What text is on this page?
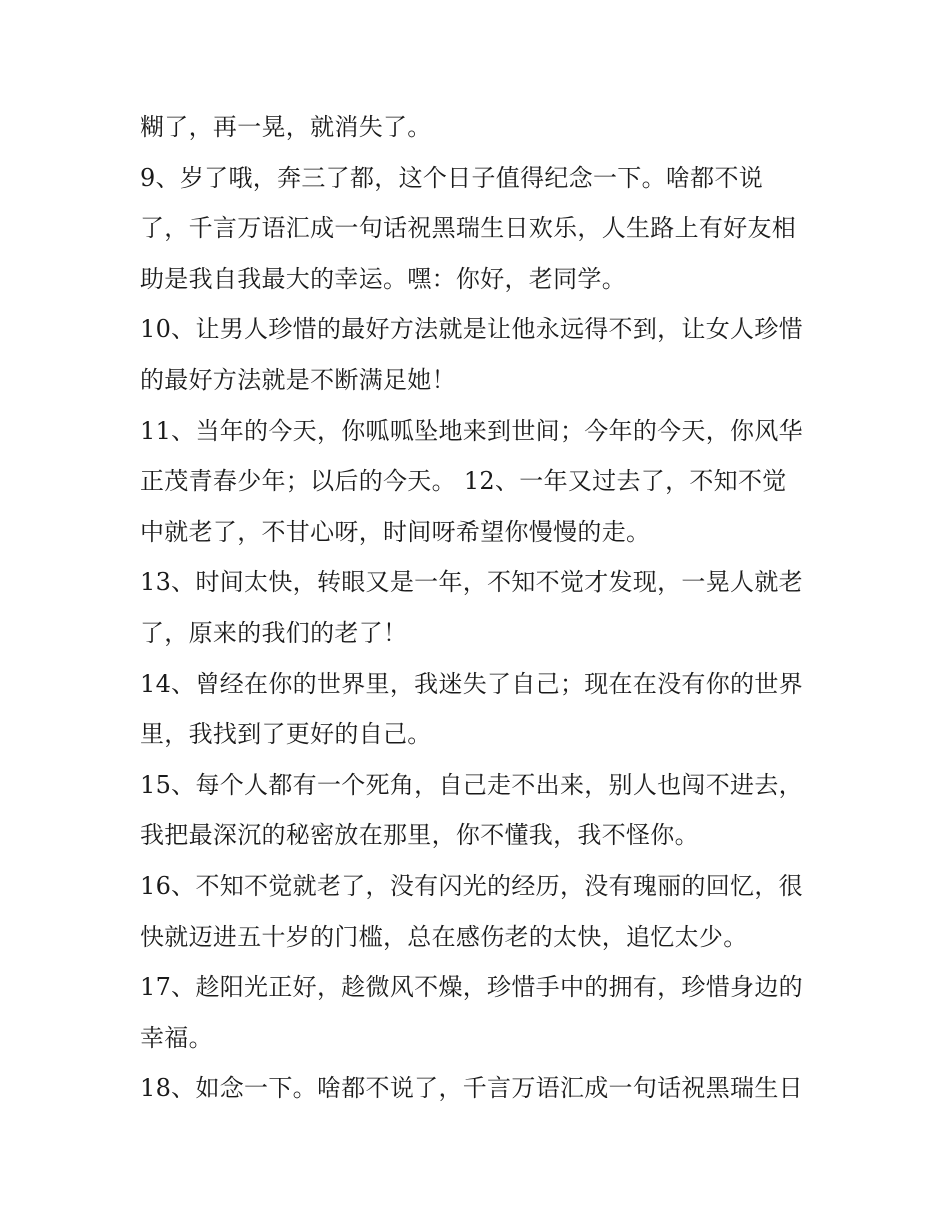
糊了，再一晃，就消失了。
9、岁了哦，奔三了都，这个日子值得纪念一下。啥都不说
了，千言万语汇成一句话祝黑瑞生日欢乐，人生路上有好友相
助是我自我最大的幸运。嘿：你好，老同学。
10、让男人珍惜的最好方法就是让他永远得不到，让女人珍惜
的最好方法就是不断满足她！
11、当年的今天，你呱呱坠地来到世间；今年的今天，你风华
正茂青春少年；以后的今天。 12、一年又过去了，不知不觉
中就老了，不甘心呀，时间呀希望你慢慢的走。
13、时间太快，转眼又是一年，不知不觉才发现，一晃人就老
了，原来的我们的老了！
14、曾经在你的世界里，我迷失了自己；现在在没有你的世界
里，我找到了更好的自己。
15、每个人都有一个死角，自己走不出来，别人也闯不进去，
我把最深沉的秘密放在那里，你不懂我，我不怪你。
16、不知不觉就老了，没有闪光的经历，没有瑰丽的回忆，很
快就迈进五十岁的门槛，总在感伤老的太快，追忆太少。
17、趁阳光正好，趁微风不燥，珍惜手中的拥有，珍惜身边的
幸福。
18、如念一下。啥都不说了，千言万语汇成一句话祝黑瑞生日
